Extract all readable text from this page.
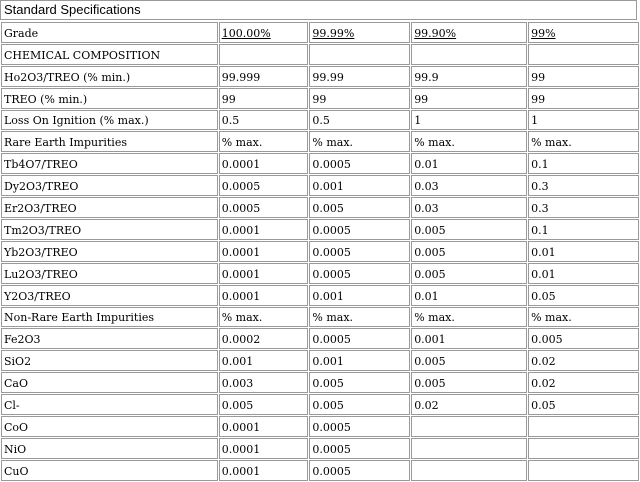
Standard Specifications
Grade	100.00%	99.99%	99.90%	99%
CHEMICAL COMPOSITION				
Ho2O3/TREO (% min.)	99.999	99.99	99.9	99
TREO (% min.)	99	99	99	99
Loss On Ignition (% max.)	0.5	0.5	1	1
Rare Earth Impurities	% max.	% max.	% max.	% max.
Tb4O7/TREO	0.0001	0.0005	0.01	0.1
Dy2O3/TREO	0.0005	0.001	0.03	0.3
Er2O3/TREO	0.0005	0.005	0.03	0.3
Tm2O3/TREO	0.0001	0.0005	0.005	0.1
Yb2O3/TREO	0.0001	0.0005	0.005	0.01
Lu2O3/TREO	0.0001	0.0005	0.005	0.01
Y2O3/TREO	0.0001	0.001	0.01	0.05
Non-Rare Earth Impurities	% max.	% max.	% max.	% max.
Fe2O3	0.0002	0.0005	0.001	0.005
SiO2	0.001	0.001	0.005	0.02
CaO	0.003	0.005	0.005	0.02
Cl-	0.005	0.005	0.02	0.05
CoO	0.0001	0.0005		
NiO	0.0001	0.0005		
CuO	0.0001	0.0005		
